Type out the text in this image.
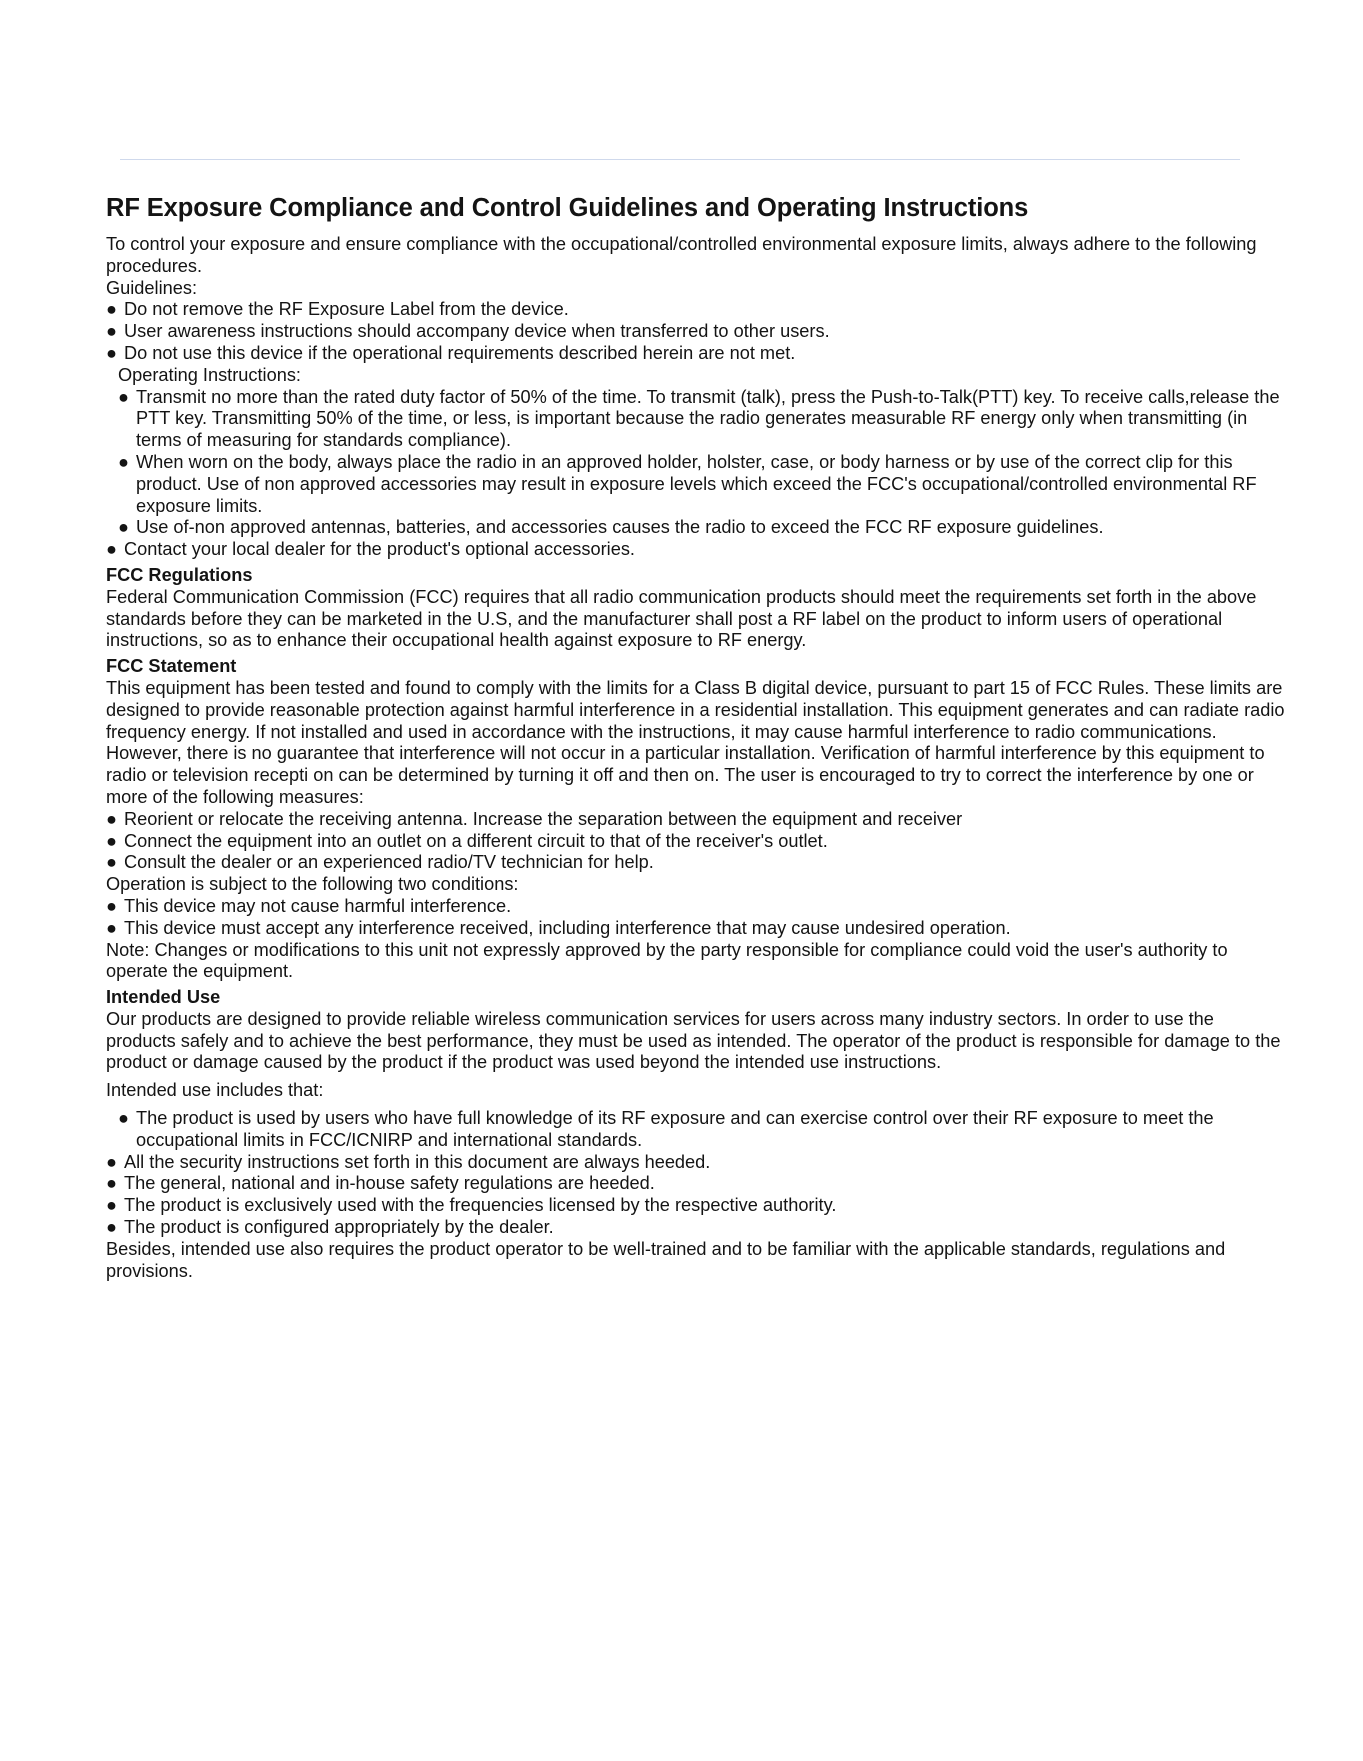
RF Exposure Compliance and Control Guidelines and Operating Instructions

To control your exposure and ensure compliance with the occupational/controlled environmental exposure limits, always adhere to the following procedures.

Guidelines:

● Do not remove the RF Exposure Label from the device.

● User awareness instructions should accompany device when transferred to other users.

● Do not use this device if the operational requirements described herein are not met.

Operating Instructions:

● Transmit no more than the rated duty factor of 50% of the time. To transmit (talk), press the Push-to-Talk(PTT) key. To receive calls,release the PTT key. Transmitting 50% of the time, or less, is important because the radio generates measurable RF energy only when transmitting (in terms of measuring for standards compliance).

● When worn on the body, always place the radio in an approved holder, holster, case, or body harness or by use of the correct clip for this product. Use of non approved accessories may result in exposure levels which exceed the FCC's occupational/controlled environmental RF exposure limits.

● Use of-non approved antennas, batteries, and accessories causes the radio to exceed the FCC RF exposure guidelines.

● Contact your local dealer for the product's optional accessories.

FCC Regulations

Federal Communication Commission (FCC) requires that all radio communication products should meet the requirements set forth in the above standards before they can be marketed in the U.S, and the manufacturer shall post a RF label on the product to inform users of operational instructions, so as to enhance their occupational health against exposure to RF energy.

FCC Statement

This equipment has been tested and found to comply with the limits for a Class B digital device, pursuant to part 15 of FCC Rules. These limits are designed to provide reasonable protection against harmful interference in a residential installation. This equipment generates and can radiate radio frequency energy. If not installed and used in accordance with the instructions, it may cause harmful interference to radio communications. However, there is no guarantee that interference will not occur in a particular installation. Verification of harmful interference by this equipment to radio or television recepti on can be determined by turning it off and then on. The user is encouraged to try to correct the interference by one or more of the following measures:

● Reorient or relocate the receiving antenna. Increase the separation between the equipment and receiver

● Connect the equipment into an outlet on a different circuit to that of the receiver's outlet.

● Consult the dealer or an experienced radio/TV technician for help.

Operation is subject to the following two conditions:

● This device may not cause harmful interference.

● This device must accept any interference received, including interference that may cause undesired operation.

Note: Changes or modifications to this unit not expressly approved by the party responsible for compliance could void the user's authority to operate the equipment.

Intended Use

Our products are designed to provide reliable wireless communication services for users across many industry sectors. In order to use the products safely and to achieve the best performance, they must be used as intended. The operator of the product is responsible for damage to the product or damage caused by the product if the product was used beyond the intended use instructions.

Intended use includes that:

● The product is used by users who have full knowledge of its RF exposure and can exercise control over their RF exposure to meet the occupational limits in FCC/ICNIRP and international standards.

● All the security instructions set forth in this document are always heeded.

● The general, national and in-house safety regulations are heeded.

● The product is exclusively used with the frequencies licensed by the respective authority.

● The product is configured appropriately by the dealer.

Besides, intended use also requires the product operator to be well-trained and to be familiar with the applicable standards, regulations and provisions.
